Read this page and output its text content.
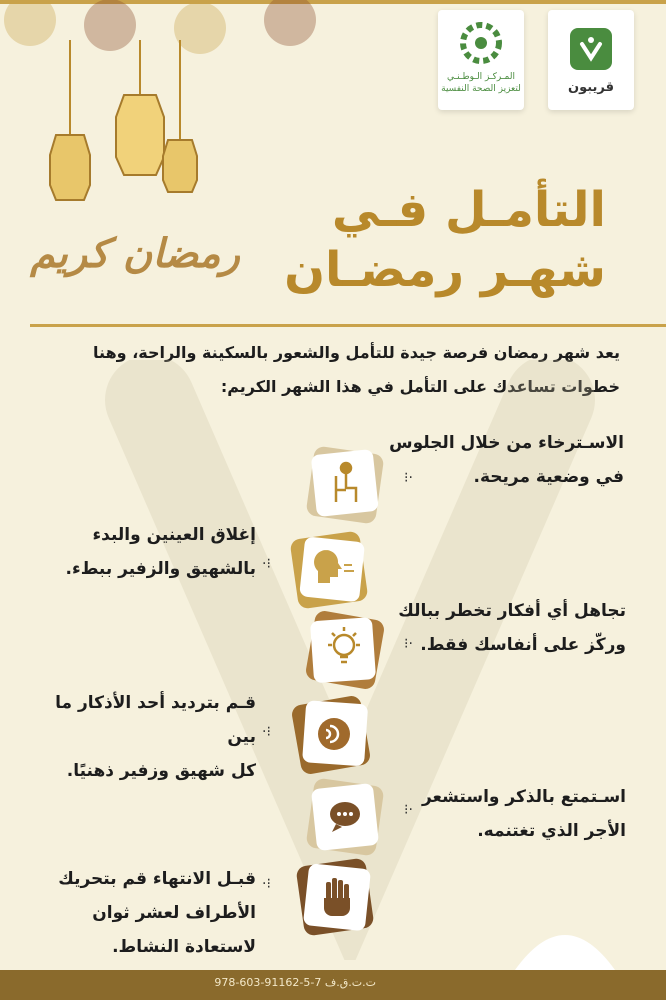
المـركـز الـوطـنـي
لتعزيز الصحة النفسية	قريبون
التأمـل فـي
شهـر رمضـان
رمضان كريم
يعد شهر رمضان فرصة جيدة للتأمل والشعور بالسكينة والراحة، وهنا
خطوات تساعدك على التأمل في هذا الشهر الكريم:
الاسـترخاء من خلال الجلوس
في وضعية مريحة.
إغلاق العينين والبدء
بالشهيق والزفير ببطء.
تجاهل أي أفكار تخطر ببالك
وركّز على أنفاسك فقط.
قـم بترديد أحد الأذكار ما بين
كل شهيق وزفير ذهنيًا.
اسـتمتع بالذكر واستشعر
الأجر الذي تغتنمه.
قبـل الانتهاء قم بتحريك
الأطراف لعشر ثوان
لاستعادة النشاط.
⁝·
·⁝
⁝·
·⁝
⁝·
·⁝
ت.ت.ق.ف 7-5-91162-603-978
